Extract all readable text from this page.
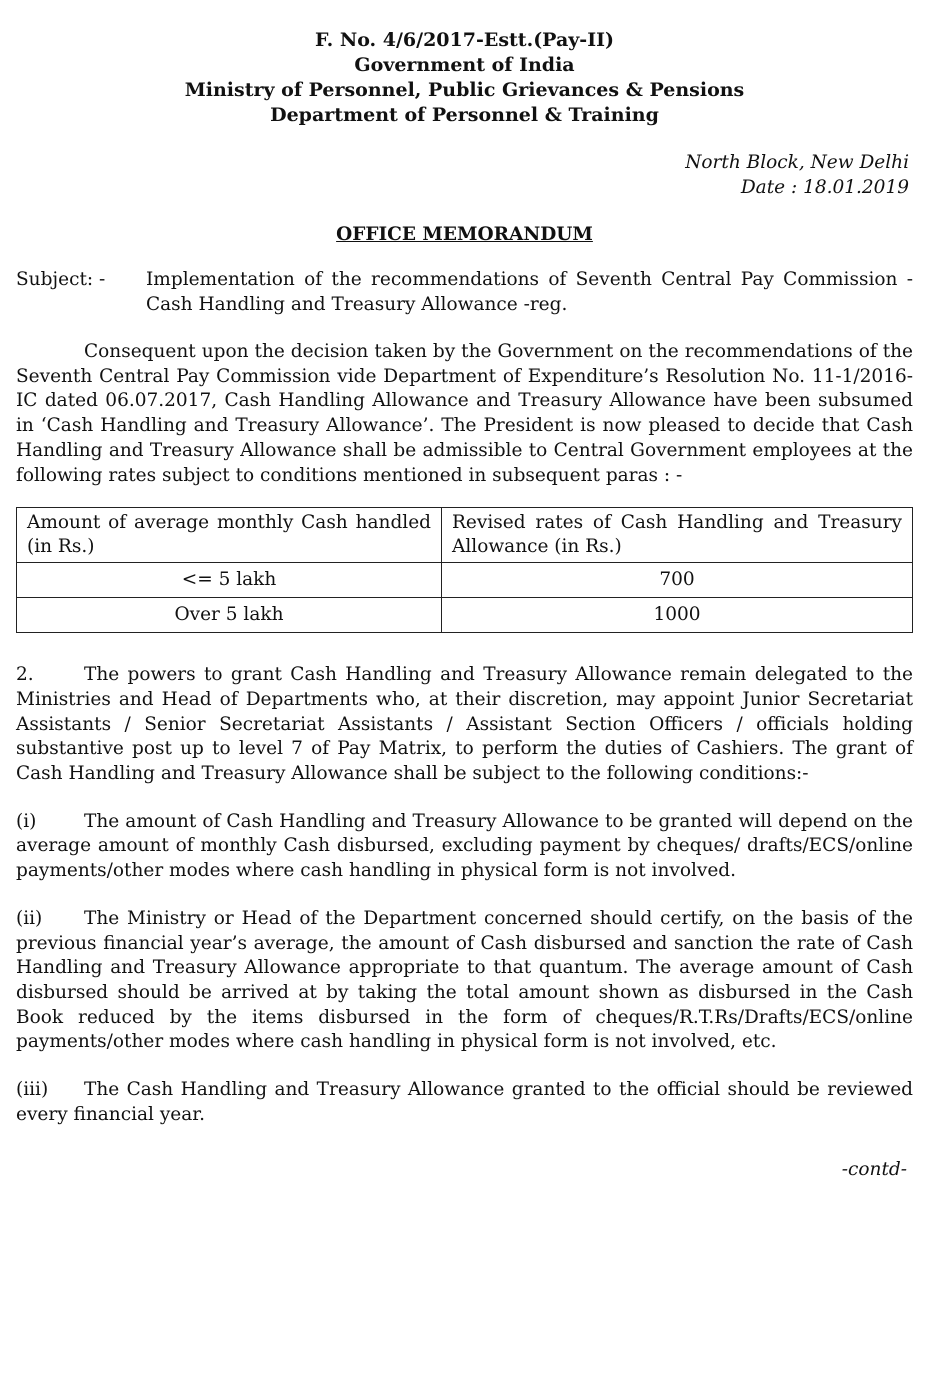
F. No. 4/6/2017-Estt.(Pay-II)
Government of India
Ministry of Personnel, Public Grievances & Pensions
Department of Personnel & Training
North Block, New Delhi
Date : 18.01.2019
OFFICE MEMORANDUM
Subject: -	Implementation of the recommendations of Seventh Central Pay Commission - Cash Handling and Treasury Allowance -reg.

Consequent upon the decision taken by the Government on the recommendations of the Seventh Central Pay Commission vide Department of Expenditure’s Resolution No. 11-1/2016-IC dated 06.07.2017, Cash Handling Allowance and Treasury Allowance have been subsumed in ‘Cash Handling and Treasury Allowance’. The President is now pleased to decide that Cash Handling and Treasury Allowance shall be admissible to Central Government employees at the following rates subject to conditions mentioned in subsequent paras : -

Amount of average monthly Cash handled (in Rs.)	Revised rates of Cash Handling and Treasury Allowance (in Rs.)
<= 5 lakh	700
Over 5 lakh	1000

2.	The powers to grant Cash Handling and Treasury Allowance remain delegated to the Ministries and Head of Departments who, at their discretion, may appoint Junior Secretariat Assistants / Senior Secretariat Assistants / Assistant Section Officers / officials holding substantive post up to level 7 of Pay Matrix, to perform the duties of Cashiers. The grant of Cash Handling and Treasury Allowance shall be subject to the following conditions:-

(i)	The amount of Cash Handling and Treasury Allowance to be granted will depend on the average amount of monthly Cash disbursed, excluding payment by cheques/ drafts/ECS/online payments/other modes where cash handling in physical form is not involved.

(ii) The Ministry or Head of the Department concerned should certify, on the basis of the previous financial year’s average, the amount of Cash disbursed and sanction the rate of Cash Handling and Treasury Allowance appropriate to that quantum. The average amount of Cash disbursed should be arrived at by taking the total amount shown as disbursed in the Cash Book reduced by the items disbursed in the form of cheques/R.T.Rs/Drafts/ECS/online payments/other modes where cash handling in physical form is not involved, etc.

(iii) The Cash Handling and Treasury Allowance granted to the official should be reviewed every financial year.

-contd-
